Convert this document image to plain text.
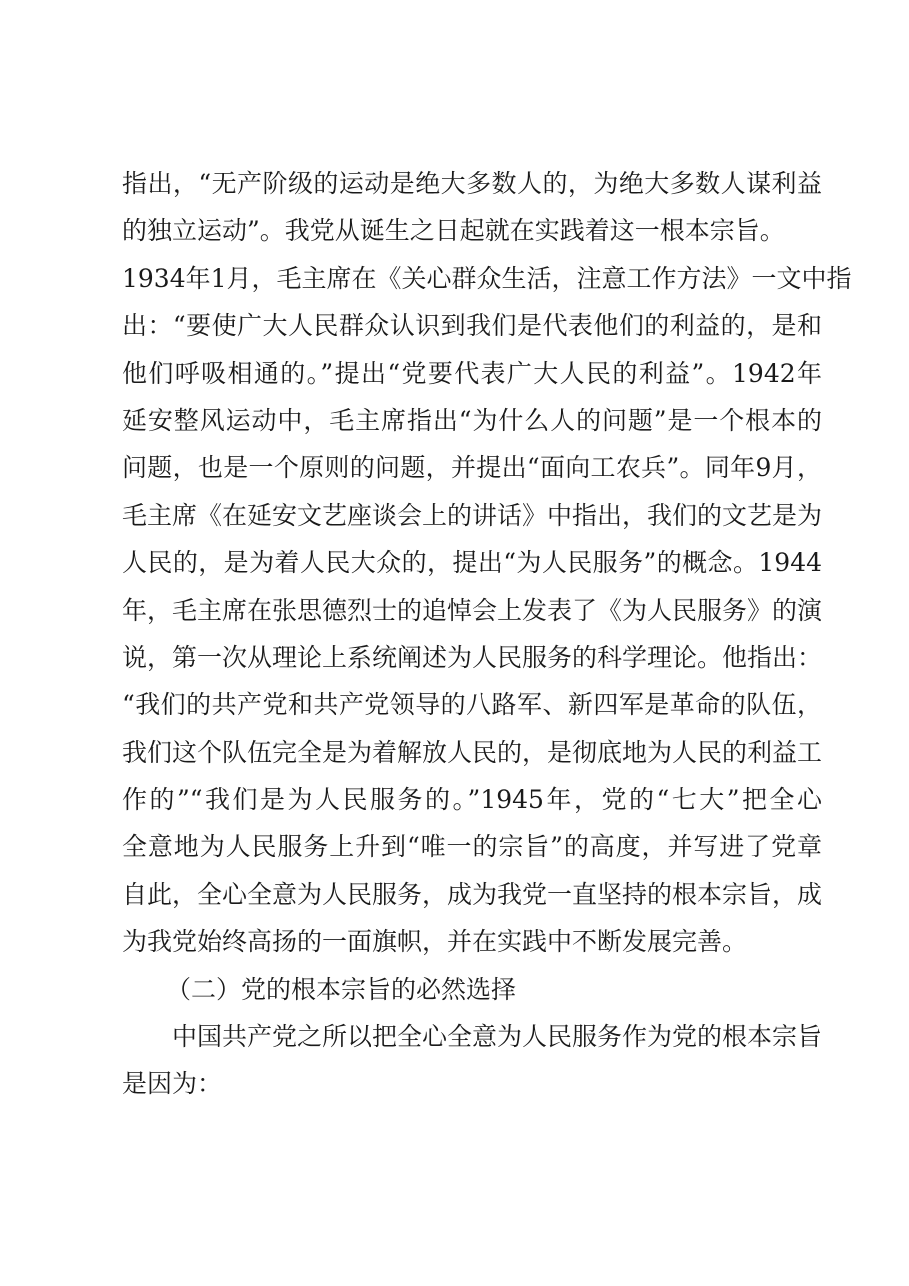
指出，“无产阶级的运动是绝大多数人的，为绝大多数人谋利益
的独立运动”。我党从诞生之日起就在实践着这一根本宗旨。
1934年1月，毛主席在《关心群众生活，注意工作方法》一文中指
出：“要使广大人民群众认识到我们是代表他们的利益的，是和
他们呼吸相通的。”提出“党要代表广大人民的利益”。1942年
延安整风运动中，毛主席指出“为什么人的问题”是一个根本的
问题，也是一个原则的问题，并提出“面向工农兵”。同年9月，
毛主席《在延安文艺座谈会上的讲话》中指出，我们的文艺是为
人民的，是为着人民大众的，提出“为人民服务”的概念。1944
年，毛主席在张思德烈士的追悼会上发表了《为人民服务》的演
说，第一次从理论上系统阐述为人民服务的科学理论。他指出：
“我们的共产党和共产党领导的八路军、新四军是革命的队伍，
我们这个队伍完全是为着解放人民的，是彻底地为人民的利益工
作的”“我们是为人民服务的。”1945年，党的“七大”把全心
全意地为人民服务上升到“唯一的宗旨”的高度，并写进了党章
自此，全心全意为人民服务，成为我党一直坚持的根本宗旨，成
为我党始终高扬的一面旗帜，并在实践中不断发展完善。
（二）党的根本宗旨的必然选择
中国共产党之所以把全心全意为人民服务作为党的根本宗旨
是因为：
